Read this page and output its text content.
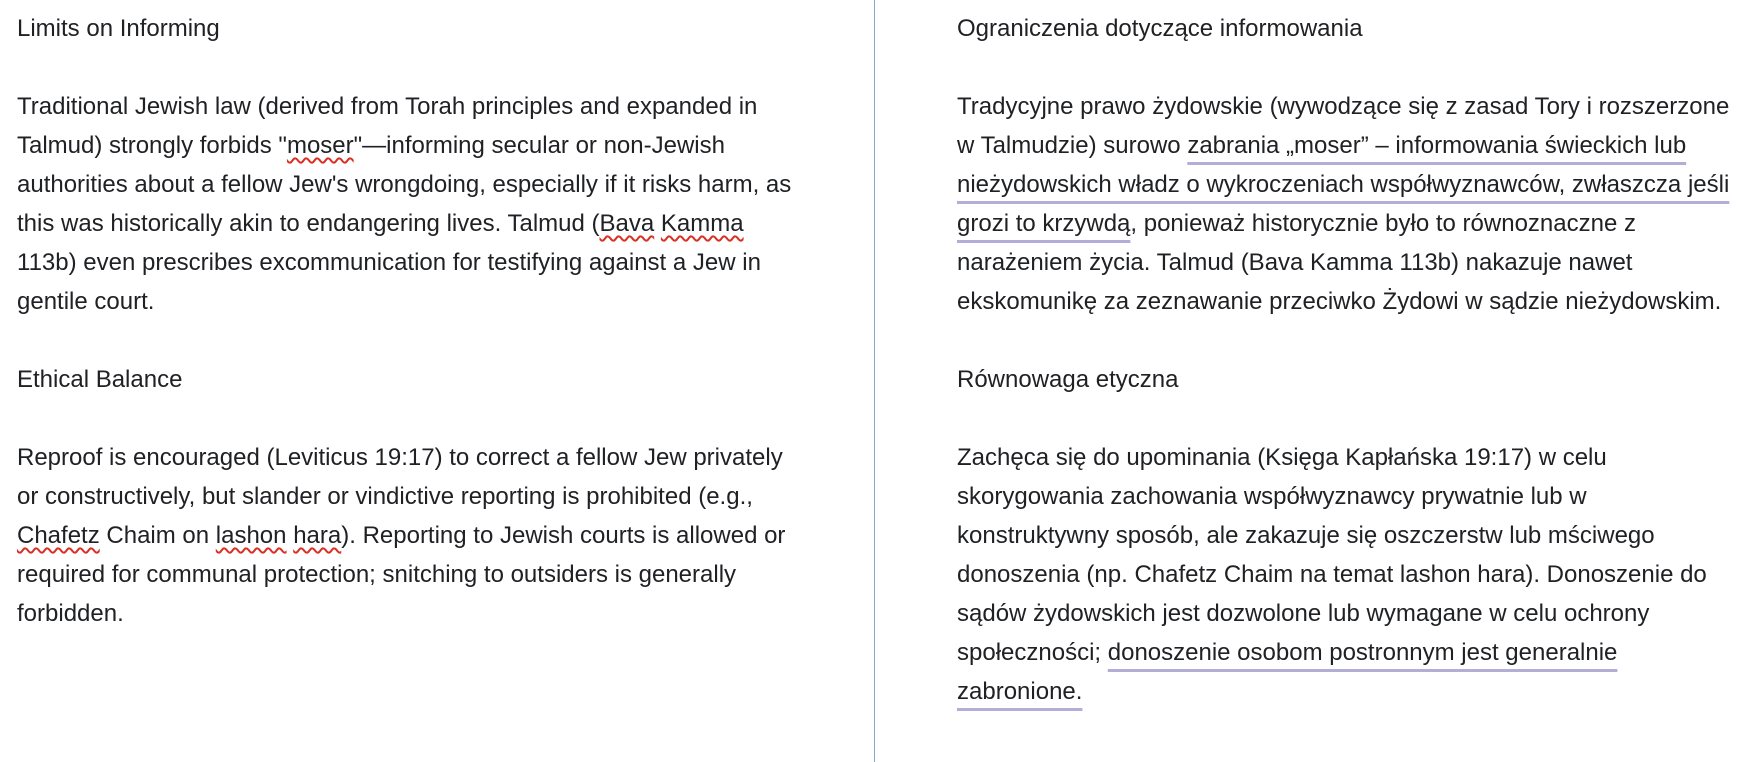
Limits on Informing

Traditional Jewish law (derived from Torah principles and expanded in Talmud) strongly forbids "moser"—informing secular or non-Jewish authorities about a fellow Jew's wrongdoing, especially if it risks harm, as this was historically akin to endangering lives. Talmud (Bava Kamma 113b) even prescribes excommunication for testifying against a Jew in gentile court.

Ethical Balance

Reproof is encouraged (Leviticus 19:17) to correct a fellow Jew privately or constructively, but slander or vindictive reporting is prohibited (e.g., Chafetz Chaim on lashon hara). Reporting to Jewish courts is allowed or required for communal protection; snitching to outsiders is generally forbidden.

Ograniczenia dotyczące informowania

Tradycyjne prawo żydowskie (wywodzące się z zasad Tory i rozszerzone w Talmudzie) surowo zabrania „moser” – informowania świeckich lub nieżydowskich władz o wykroczeniach współwyznawców, zwłaszcza jeśli grozi to krzywdą, ponieważ historycznie było to równoznaczne z narażeniem życia. Talmud (Bava Kamma 113b) nakazuje nawet ekskomunikę za zeznawanie przeciwko Żydowi w sądzie nieżydowskim.

Równowaga etyczna

Zachęca się do upominania (Księga Kapłańska 19:17) w celu skorygowania zachowania współwyznawcy prywatnie lub w konstruktywny sposób, ale zakazuje się oszczerstw lub mściwego donoszenia (np. Chafetz Chaim na temat lashon hara). Donoszenie do sądów żydowskich jest dozwolone lub wymagane w celu ochrony społeczności; donoszenie osobom postronnym jest generalnie zabronione.
